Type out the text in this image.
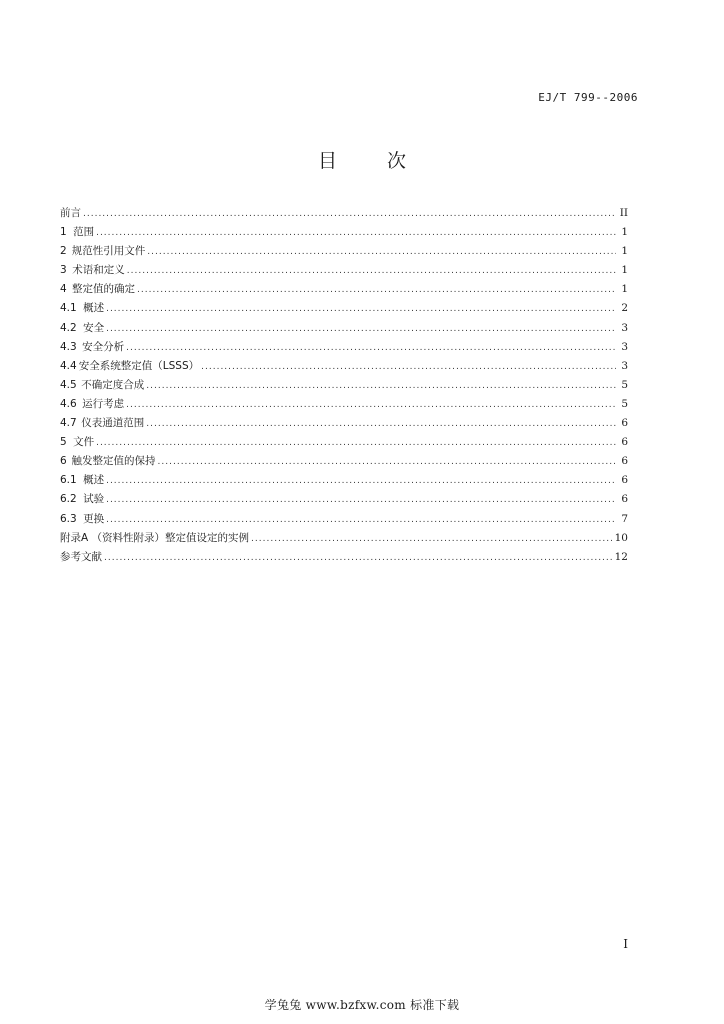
EJ/T 799--2006
目 次
前言 .....	II
1 范围 .....	1
2 规范性引用文件 .....	1
3 术语和定义 .....	1
4 整定值的确定 .....	1
4.1 概述 .....	2
4.2 安全 .....	3
4.3 安全分析 .....	3
4.4 安全系统整定值（LSSS） .....	3
4.5 不确定度合成 .....	5
4.6 运行考虑 .....	5
4.7 仪表通道范围 .....	6
5 文件 .....	6
6 触发整定值的保持 .....	6
6.1 概述 .....	6
6.2 试验 .....	6
6.3 更换 .....	7
附录A （资料性附录）整定值设定的实例 .....	10
参考文献 .....	12
I
学兔兔 www.bzfxw.com 标准下载
